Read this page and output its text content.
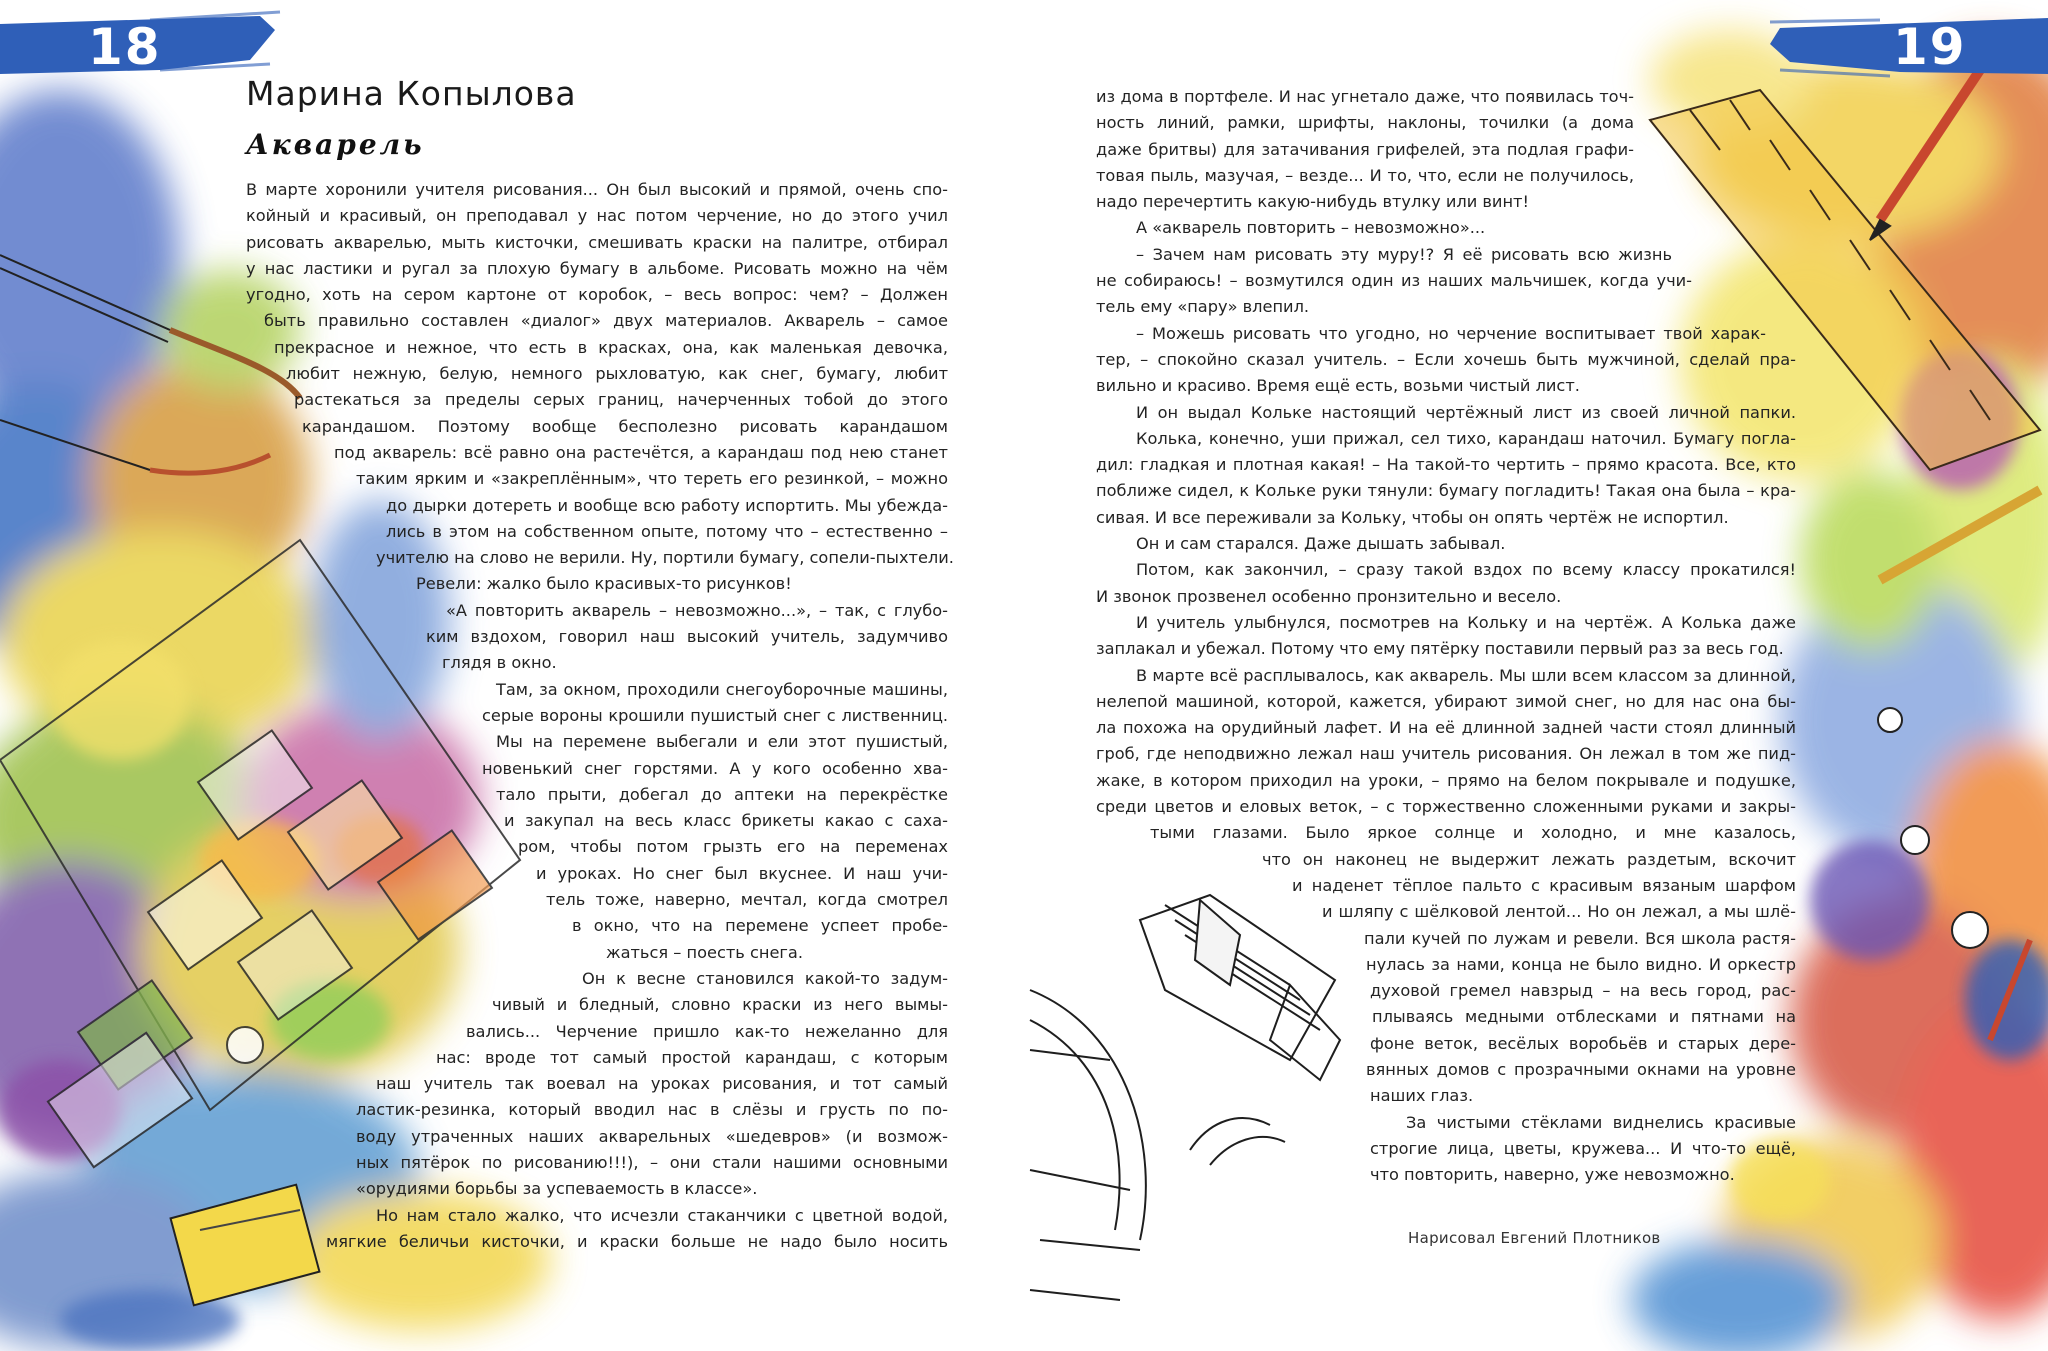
18	19
Марина Копылова
Акварель
В марте хоронили учителя рисования... Он был высокий и прямой, очень спо-
койный и красивый, он преподавал у нас потом черчение, но до этого учил
рисовать акварелью, мыть кисточки, смешивать краски на палитре, отбирал
у нас ластики и ругал за плохую бумагу в альбоме. Рисовать можно на чём
угодно, хоть на сером картоне от коробок, – весь вопрос: чем? – Должен
быть правильно составлен «диалог» двух материалов. Акварель – самое
прекрасное и нежное, что есть в красках, она, как маленькая девочка,
любит нежную, белую, немного рыхловатую, как снег, бумагу, любит
растекаться за пределы серых границ, начерченных тобой до этого
карандашом. Поэтому вообще бесполезно рисовать карандашом
под акварель: всё равно она растечётся, а карандаш под нею станет
таким ярким и «закреплённым», что тереть его резинкой, – можно
до дырки дотереть и вообще всю работу испортить. Мы убежда-
лись в этом на собственном опыте, потому что – естественно –
учителю на слово не верили. Ну, портили бумагу, сопели-пыхтели.
Ревели: жалко было красивых-то рисунков!
«А повторить акварель – невозможно...», – так, с глубо-
ким вздохом, говорил наш высокий учитель, задумчиво
глядя в окно.
Там, за окном, проходили снегоуборочные машины,
серые вороны крошили пушистый снег с лиственниц.
Мы на перемене выбегали и ели этот пушистый,
новенький снег горстями. А у кого особенно хва-
тало прыти, добегал до аптеки на перекрёстке
и закупал на весь класс брикеты какао с саха-
ром, чтобы потом грызть его на переменах
и уроках. Но снег был вкуснее. И наш учи-
тель тоже, наверно, мечтал, когда смотрел
в окно, что на перемене успеет пробе-
жаться – поесть снега.
Он к весне становился какой-то задум-
чивый и бледный, словно краски из него вымы-
вались... Черчение пришло как-то нежеланно для
нас: вроде тот самый простой карандаш, с которым
наш учитель так воевал на уроках рисования, и тот самый
ластик-резинка, который вводил нас в слёзы и грусть по по-
воду утраченных наших акварельных «шедевров» (и возмож-
ных пятёрок по рисованию!!!), – они стали нашими основными
«орудиями борьбы за успеваемость в классе».
Но нам стало жалко, что исчезли стаканчики с цветной водой,
мягкие беличьи кисточки, и краски больше не надо было носить
из дома в портфеле. И нас угнетало даже, что появилась точ-
ность линий, рамки, шрифты, наклоны, точилки (а дома
даже бритвы) для затачивания грифелей, эта подлая графи-
товая пыль, мазучая, – везде... И то, что, если не получилось,
надо перечертить какую-нибудь втулку или винт!
А «акварель повторить – невозможно»...
– Зачем нам рисовать эту муру!? Я её рисовать всю жизнь
не собираюсь! – возмутился один из наших мальчишек, когда учи-
тель ему «пару» влепил.
– Можешь рисовать что угодно, но черчение воспитывает твой харак-
тер, – спокойно сказал учитель. – Если хочешь быть мужчиной, сделай пра-
вильно и красиво. Время ещё есть, возьми чистый лист.
И он выдал Кольке настоящий чертёжный лист из своей личной папки.
Колька, конечно, уши прижал, сел тихо, карандаш наточил. Бумагу погла-
дил: гладкая и плотная какая! – На такой-то чертить – прямо красота. Все, кто
поближе сидел, к Кольке руки тянули: бумагу погладить! Такая она была – кра-
сивая. И все переживали за Кольку, чтобы он опять чертёж не испортил.
Он и сам старался. Даже дышать забывал.
Потом, как закончил, – сразу такой вздох по всему классу прокатился!
И звонок прозвенел особенно пронзительно и весело.
И учитель улыбнулся, посмотрев на Кольку и на чертёж. А Колька даже
заплакал и убежал. Потому что ему пятёрку поставили первый раз за весь год.
В марте всё расплывалось, как акварель. Мы шли всем классом за длинной,
нелепой машиной, которой, кажется, убирают зимой снег, но для нас она бы-
ла похожа на орудийный лафет. И на её длинной задней части стоял длинный
гроб, где неподвижно лежал наш учитель рисования. Он лежал в том же пид-
жаке, в котором приходил на уроки, – прямо на белом покрывале и подушке,
среди цветов и еловых веток, – с торжественно сложенными руками и закры-
тыми глазами. Было яркое солнце и холодно, и мне казалось,
что он наконец не выдержит лежать раздетым, вскочит
и наденет тёплое пальто с красивым вязаным шарфом
и шляпу с шёлковой лентой... Но он лежал, а мы шлё-
пали кучей по лужам и ревели. Вся школа растя-
нулась за нами, конца не было видно. И оркестр
духовой гремел навзрыд – на весь город, рас-
плываясь медными отблесками и пятнами на
фоне веток, весёлых воробьёв и старых дере-
вянных домов с прозрачными окнами на уровне
наших глаз.
За чистыми стёклами виднелись красивые
строгие лица, цветы, кружева... И что-то ещё,
что повторить, наверно, уже невозможно.
Нарисовал Евгений Плотников
